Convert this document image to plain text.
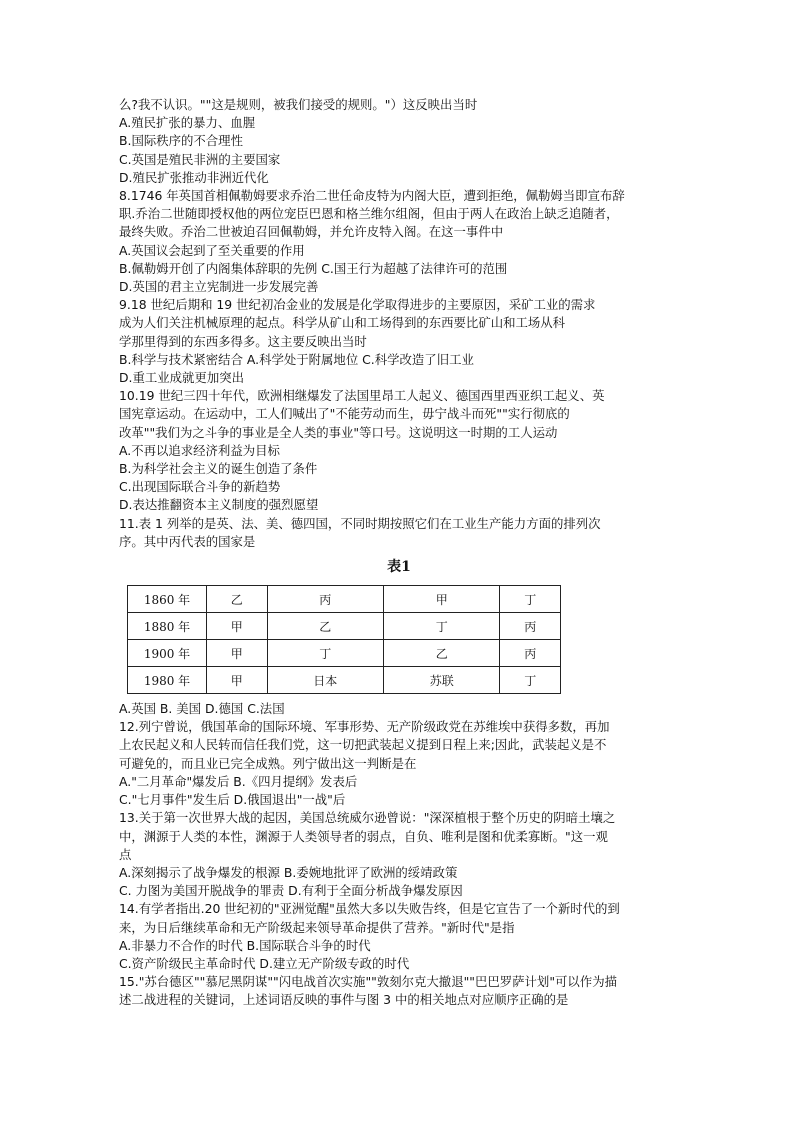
么?我不认识。""这是规则，被我们接受的规则。"）这反映出当时
A.殖民扩张的暴力、血腥
B.国际秩序的不合理性
C.英国是殖民非洲的主要国家
D.殖民扩张推动非洲近代化
8.1746 年英国首相佩勒姆要求乔治二世任命皮特为内阁大臣，遭到拒绝，佩勒姆当即宣布辞
职.乔治二世随即授权他的两位宠臣巴恩和格兰维尔组阁，但由于两人在政治上缺乏追随者，
最终失败。乔治二世被迫召回佩勒姆，并允许皮特入阁。在这一事件中
A.英国议会起到了至关重要的作用
B.佩勒姆开创了内阁集体辞职的先例 C.国王行为超越了法律许可的范围
D.英国的君主立宪制进一步发展完善
9.18 世纪后期和 19 世纪初冶金业的发展是化学取得进步的主要原因，采矿工业的需求
成为人们关注机械原理的起点。科学从矿山和工场得到的东西要比矿山和工场从科
学那里得到的东西多得多。这主要反映出当时
B.科学与技术紧密结合 A.科学处于附属地位 C.科学改造了旧工业
D.重工业成就更加突出
10.19 世纪三四十年代，欧洲相继爆发了法国里昂工人起义、德国西里西亚织工起义、英
国宪章运动。在运动中，工人们喊出了"不能劳动而生，毋宁战斗而死""实行彻底的
改革""我们为之斗争的事业是全人类的事业"等口号。这说明这一时期的工人运动
A.不再以追求经济利益为目标
B.为科学社会主义的诞生创造了条件
C.出现国际联合斗争的新趋势
D.表达推翻资本主义制度的强烈愿望
11.表 1 列举的是英、法、美、德四国，不同时期按照它们在工业生产能力方面的排列次
序。其中丙代表的国家是
表1
1860 年	乙	丙	甲	丁
1880 年	甲	乙	丁	丙
1900 年	甲	丁	乙	丙
1980 年	甲	日本	苏联	丁
A.英国 B. 美国 D.德国 C.法国
12.列宁曾说，俄国革命的国际环境、军事形势、无产阶级政党在苏维埃中获得多数，再加
上农民起义和人民转而信任我们党，这一切把武装起义提到日程上来;因此，武装起义是不
可避免的，而且业已完全成熟。列宁做出这一判断是在
A."二月革命"爆发后 B.《四月提纲》发表后
C."七月事件"发生后 D.俄国退出"一战"后
13.关于第一次世界大战的起因，美国总统威尔逊曾说："深深植根于整个历史的阴暗土壤之
中，渊源于人类的本性，渊源于人类领导者的弱点，自负、唯利是图和优柔寡断。"这一观
点
A.深刻揭示了战争爆发的根源 B.委婉地批评了欧洲的绥靖政策
C. 力图为美国开脱战争的罪责 D.有利于全面分析战争爆发原因
14.有学者指出.20 世纪初的"亚洲觉醒"虽然大多以失败告终，但是它宣告了一个新时代的到
来，为日后继续革命和无产阶级起来领导革命提供了营养。"新时代"是指
A.非暴力不合作的时代 B.国际联合斗争的时代
C.资产阶级民主革命时代 D.建立无产阶级专政的时代
15."苏台德区""慕尼黑阴谋""闪电战首次实施""敦刻尔克大撤退""巴巴罗萨计划"可以作为描
述二战进程的关键词，上述词语反映的事件与图 3 中的相关地点对应顺序正确的是
